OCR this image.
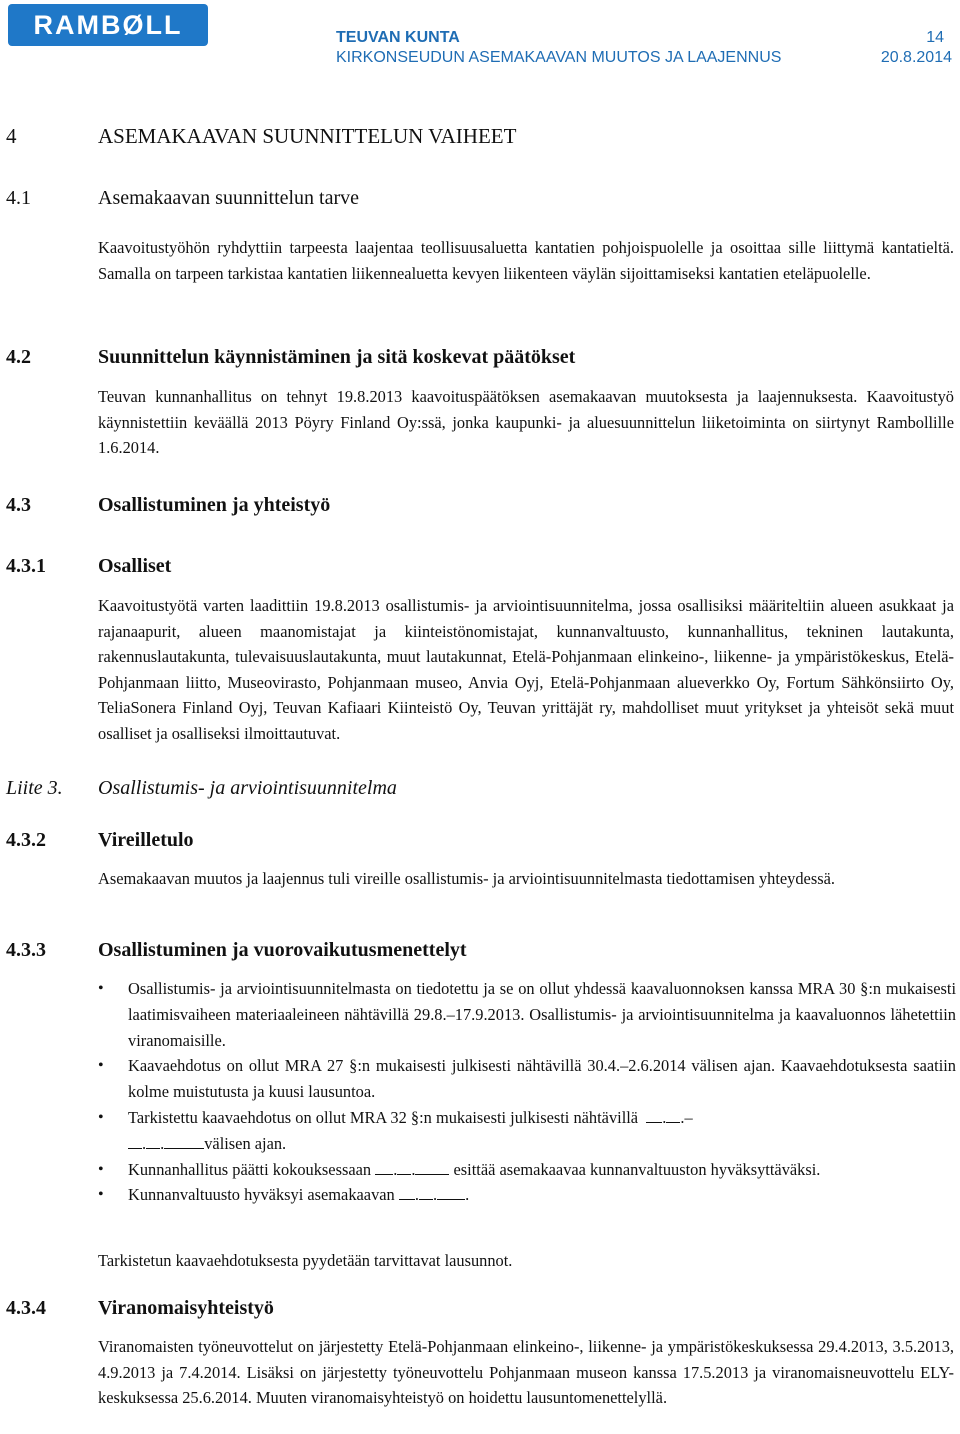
RAMBØLL	TEUVAN KUNTA	14
KIRKONSEUDUN ASEMAKAAVAN MUUTOS JA LAAJENNUS	20.8.2014
4	ASEMAKAAVAN SUUNNITTELUN VAIHEET
4.1	Asemakaavan suunnittelun tarve
Kaavoitustyöhön ryhdyttiin tarpeesta laajentaa teollisuusaluetta kantatien pohjoispuolelle ja osoittaa sille liittymä kantatieltä. Samalla on tarpeen tarkistaa kantatien liikennealuetta kevyen liikenteen väylän sijoittamiseksi kantatien eteläpuolelle.
4.2	Suunnittelun käynnistäminen ja sitä koskevat päätökset
Teuvan kunnanhallitus on tehnyt 19.8.2013 kaavoituspäätöksen asemakaavan muutoksesta ja laajennuksesta. Kaavoitustyö käynnistettiin keväällä 2013 Pöyry Finland Oy:ssä, jonka kaupunki- ja aluesuunnittelun liiketoiminta on siirtynyt Rambollille 1.6.2014.
4.3	Osallistuminen ja yhteistyö
4.3.1	Osalliset
Kaavoitustyötä varten laadittiin 19.8.2013 osallistumis- ja arviointisuunnitelma, jossa osallisiksi määriteltiin alueen asukkaat ja rajanaapurit, alueen maanomistajat ja kiinteistönomistajat, kunnanvaltuusto, kunnanhallitus, tekninen lautakunta, rakennuslautakunta, tulevaisuuslautakunta, muut lautakunnat, Etelä-Pohjanmaan elinkeino-, liikenne- ja ympäristökeskus, Etelä-Pohjanmaan liitto, Museovirasto, Pohjanmaan museo, Anvia Oyj, Etelä-Pohjanmaan alueverkko Oy, Fortum Sähkönsiirto Oy, TeliaSonera Finland Oyj, Teuvan Kafiaari Kiinteistö Oy, Teuvan yrittäjät ry, mahdolliset muut yritykset ja yhteisöt sekä muut osalliset ja osalliseksi ilmoittautuvat.
Liite 3. Osallistumis- ja arviointisuunnitelma
4.3.2	Vireilletulo
Asemakaavan muutos ja laajennus tuli vireille osallistumis- ja arviointisuunnitelmasta tiedottamisen yhteydessä.
4.3.3	Osallistuminen ja vuorovaikutusmenettelyt
• Osallistumis- ja arviointisuunnitelmasta on tiedotettu ja se on ollut yhdessä kaavaluonnoksen kanssa MRA 30 §:n mukaisesti laatimisvaiheen materiaaleineen nähtävillä 29.8.–17.9.2013. Osallistumis- ja arviointisuunnitelma ja kaavaluonnos lähetettiin viranomaisille.
• Kaavaehdotus on ollut MRA 27 §:n mukaisesti julkisesti nähtävillä 30.4.–2.6.2014 välisen ajan. Kaavaehdotuksesta saatiin kolme muistutusta ja kuusi lausuntoa.
• Tarkistettu kaavaehdotus on ollut MRA 32 §:n mukaisesti julkisesti nähtävillä . .–
. . välisen ajan.
• Kunnanhallitus päätti kokouksessaan . . esittää asemakaavaa kunnanvaltuuston hyväksyttäväksi.
• Kunnanvaltuusto hyväksyi asemakaavan . . .
Tarkistetun kaavaehdotuksesta pyydetään tarvittavat lausunnot.
4.3.4	Viranomaisyhteistyö
Viranomaisten työneuvottelut on järjestetty Etelä-Pohjanmaan elinkeino-, liikenne- ja ympäristökeskuksessa 29.4.2013, 3.5.2013, 4.9.2013 ja 7.4.2014. Lisäksi on järjestetty työneuvottelu Pohjanmaan museon kanssa 17.5.2013 ja viranomaisneuvottelu ELY-keskuksessa 25.6.2014. Muuten viranomaisyhteistyö on hoidettu lausuntomenettelyllä.
